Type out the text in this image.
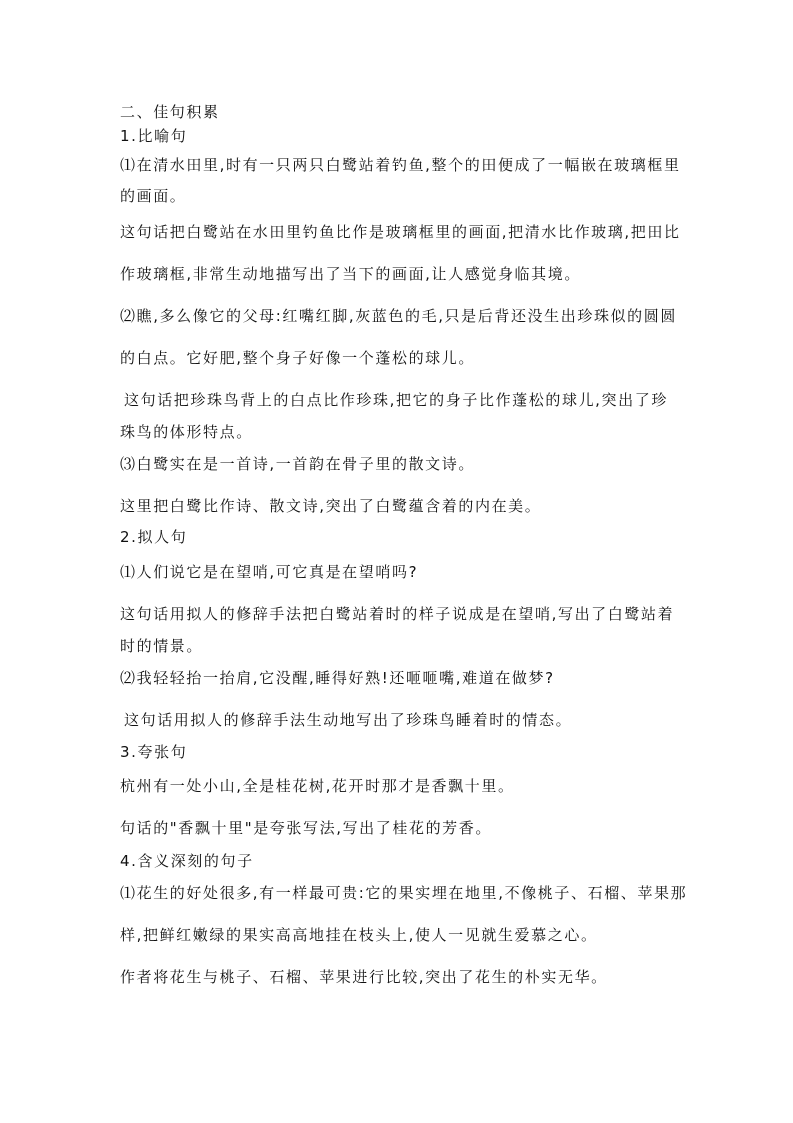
二、佳句积累
1.比喻句
⑴在清水田里,时有一只两只白鹭站着钓鱼,整个的田便成了一幅嵌在玻璃框里
的画面。
这句话把白鹭站在水田里钓鱼比作是玻璃框里的画面,把清水比作玻璃,把田比
作玻璃框,非常生动地描写出了当下的画面,让人感觉身临其境。
⑵瞧,多么像它的父母:红嘴红脚,灰蓝色的毛,只是后背还没生出珍珠似的圆圆
的白点。它好肥,整个身子好像一个蓬松的球儿。
这句话把珍珠鸟背上的白点比作珍珠,把它的身子比作蓬松的球儿,突出了珍
珠鸟的体形特点。
⑶白鹭实在是一首诗,一首韵在骨子里的散文诗。
这里把白鹭比作诗、散文诗,突出了白鹭蕴含着的内在美。
2.拟人句
⑴人们说它是在望哨,可它真是在望哨吗?
这句话用拟人的修辞手法把白鹭站着时的样子说成是在望哨,写出了白鹭站着
时的情景。
⑵我轻轻抬一抬肩,它没醒,睡得好熟!还咂咂嘴,难道在做梦?
这句话用拟人的修辞手法生动地写出了珍珠鸟睡着时的情态。
3.夸张句
杭州有一处小山,全是桂花树,花开时那才是香飘十里。
句话的"香飘十里"是夸张写法,写出了桂花的芳香。
4.含义深刻的句子
⑴花生的好处很多,有一样最可贵:它的果实埋在地里,不像桃子、石榴、苹果那
样,把鲜红嫩绿的果实高高地挂在枝头上,使人一见就生爱慕之心。
作者将花生与桃子、石榴、苹果进行比较,突出了花生的朴实无华。
